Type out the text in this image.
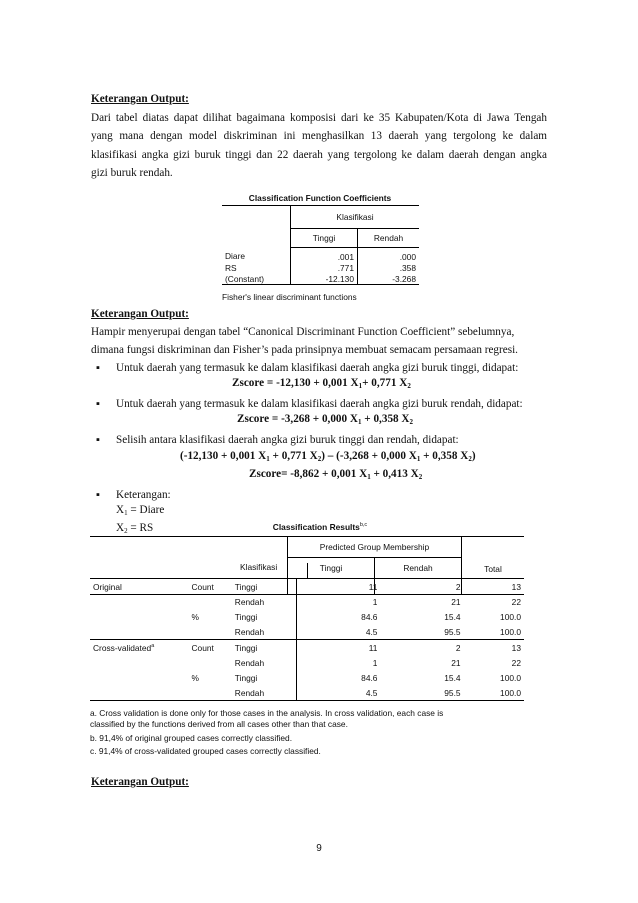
Keterangan Output:
Dari tabel diatas dapat dilihat bagaimana komposisi dari ke 35 Kabupaten/Kota di Jawa Tengah
yang mana dengan model diskriminan ini menghasilkan 13 daerah yang tergolong ke dalam
klasifikasi angka gizi buruk tinggi dan 22 daerah yang tergolong ke dalam daerah dengan angka
gizi buruk rendah.
Classification Function Coefficients
	Klasifikasi	
	Tinggi	Rendah
Diare	.001	.000
RS	.771	.358
(Constant)	-12.130	-3.268
Fisher's linear discriminant functions
Keterangan Output:
Hampir menyerupai dengan tabel “Canonical Discriminant Function Coefficient” sebelumnya,
dimana fungsi diskriminan dan Fisher’s pada prinsipnya membuat semacam persamaan regresi.
▪ Untuk daerah yang termasuk ke dalam klasifikasi daerah angka gizi buruk tinggi, didapat:
Zscore = -12,130 + 0,001 $X_1+ 0,771$ $X_2$
▪ Untuk daerah yang termasuk ke dalam klasifikasi daerah angka gizi buruk rendah, didapat:
Zscore = -3,268 + 0,000 $X_1 + 0,358$ $X_2$
▪ Selisih antara klasifikasi daerah angka gizi buruk tinggi dan rendah, didapat:
(-12,130 + 0,001 $X_1 + 0,771$ $X_2) - (-3,268 + 0,000$ $X_1 + 0,358$ $X_2$)
Zscore= -8,862 + 0,001 $X_1 + 0,413$ $X_2$
▪ Keterangan:
$X_1$ = Diare
$X_2$ = RS	Classification Results$^{b,c}$
			Predicted Group Membership		Total
			Tinggi	Rendah	

Klasifikasi
Original	Count	Tinggi	11	2	13
		Rendah	1	21	22
	%	Tinggi	84.6	15.4	100.0
		Rendah	4.5	95.5	100.0
Cross-validated$^a$	Count	Tinggi	11	2	13
		Rendah	1	21	22
	%	Tinggi	84.6	15.4	100.0
		Rendah	4.5	95.5	100.0
a. Cross validation is done only for those cases in the analysis. In cross validation, each case is
classified by the functions derived from all cases other than that case.
b. 91,4% of original grouped cases correctly classified.
c. 91,4% of cross-validated grouped cases correctly classified.
Keterangan Output:
9
